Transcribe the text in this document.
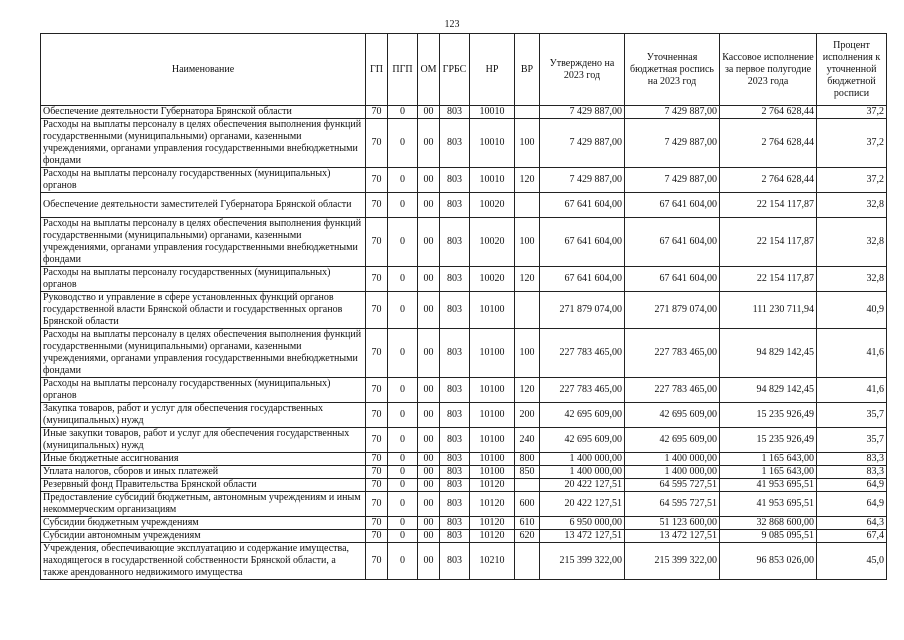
123
Наименование	ГП	ПГП	ОМ	ГРБС	НР	ВР	Утверждено на 2023 год	Уточненная бюджетная роспись на 2023 год	Кассовое исполнение за первое полугодие 2023 года	Процент исполнения к уточненной бюджетной росписи
Обеспечение деятельности Губернатора Брянской области	70	0	00	803	10010		7 429 887,00	7 429 887,00	2 764 628,44	37,2
Расходы на выплаты персоналу в целях обеспечения выполнения функций государственными (муниципальными) органами, казенными учреждениями, органами управления государственными внебюджетными фондами	70	0	00	803	10010	100	7 429 887,00	7 429 887,00	2 764 628,44	37,2
Расходы на выплаты персоналу государственных (муниципальных) органов	70	0	00	803	10010	120	7 429 887,00	7 429 887,00	2 764 628,44	37,2
Обеспечение деятельности заместителей Губернатора Брянской области	70	0	00	803	10020		67 641 604,00	67 641 604,00	22 154 117,87	32,8
Расходы на выплаты персоналу в целях обеспечения выполнения функций государственными (муниципальными) органами, казенными учреждениями, органами управления государственными внебюджетными фондами	70	0	00	803	10020	100	67 641 604,00	67 641 604,00	22 154 117,87	32,8
Расходы на выплаты персоналу государственных (муниципальных) органов	70	0	00	803	10020	120	67 641 604,00	67 641 604,00	22 154 117,87	32,8
Руководство и управление в сфере установленных функций органов государственной власти Брянской области и государственных органов Брянской области	70	0	00	803	10100		271 879 074,00	271 879 074,00	111 230 711,94	40,9
Расходы на выплаты персоналу в целях обеспечения выполнения функций государственными (муниципальными) органами, казенными учреждениями, органами управления государственными внебюджетными фондами	70	0	00	803	10100	100	227 783 465,00	227 783 465,00	94 829 142,45	41,6
Расходы на выплаты персоналу государственных (муниципальных) органов	70	0	00	803	10100	120	227 783 465,00	227 783 465,00	94 829 142,45	41,6
Закупка товаров, работ и услуг для обеспечения государственных (муниципальных) нужд	70	0	00	803	10100	200	42 695 609,00	42 695 609,00	15 235 926,49	35,7
Иные закупки товаров, работ и услуг для обеспечения государственных (муниципальных) нужд	70	0	00	803	10100	240	42 695 609,00	42 695 609,00	15 235 926,49	35,7
Иные бюджетные ассигнования	70	0	00	803	10100	800	1 400 000,00	1 400 000,00	1 165 643,00	83,3
Уплата налогов, сборов и иных платежей	70	0	00	803	10100	850	1 400 000,00	1 400 000,00	1 165 643,00	83,3
Резервный фонд Правительства Брянской области	70	0	00	803	10120		20 422 127,51	64 595 727,51	41 953 695,51	64,9
Предоставление субсидий бюджетным, автономным учреждениям и иным некоммерческим организациям	70	0	00	803	10120	600	20 422 127,51	64 595 727,51	41 953 695,51	64,9
Субсидии бюджетным учреждениям	70	0	00	803	10120	610	6 950 000,00	51 123 600,00	32 868 600,00	64,3
Субсидии автономным учреждениям	70	0	00	803	10120	620	13 472 127,51	13 472 127,51	9 085 095,51	67,4
Учреждения, обеспечивающие эксплуатацию и содержание имущества, находящегося в государственной собственности Брянской области, а также арендованного недвижимого имущества	70	0	00	803	10210		215 399 322,00	215 399 322,00	96 853 026,00	45,0
